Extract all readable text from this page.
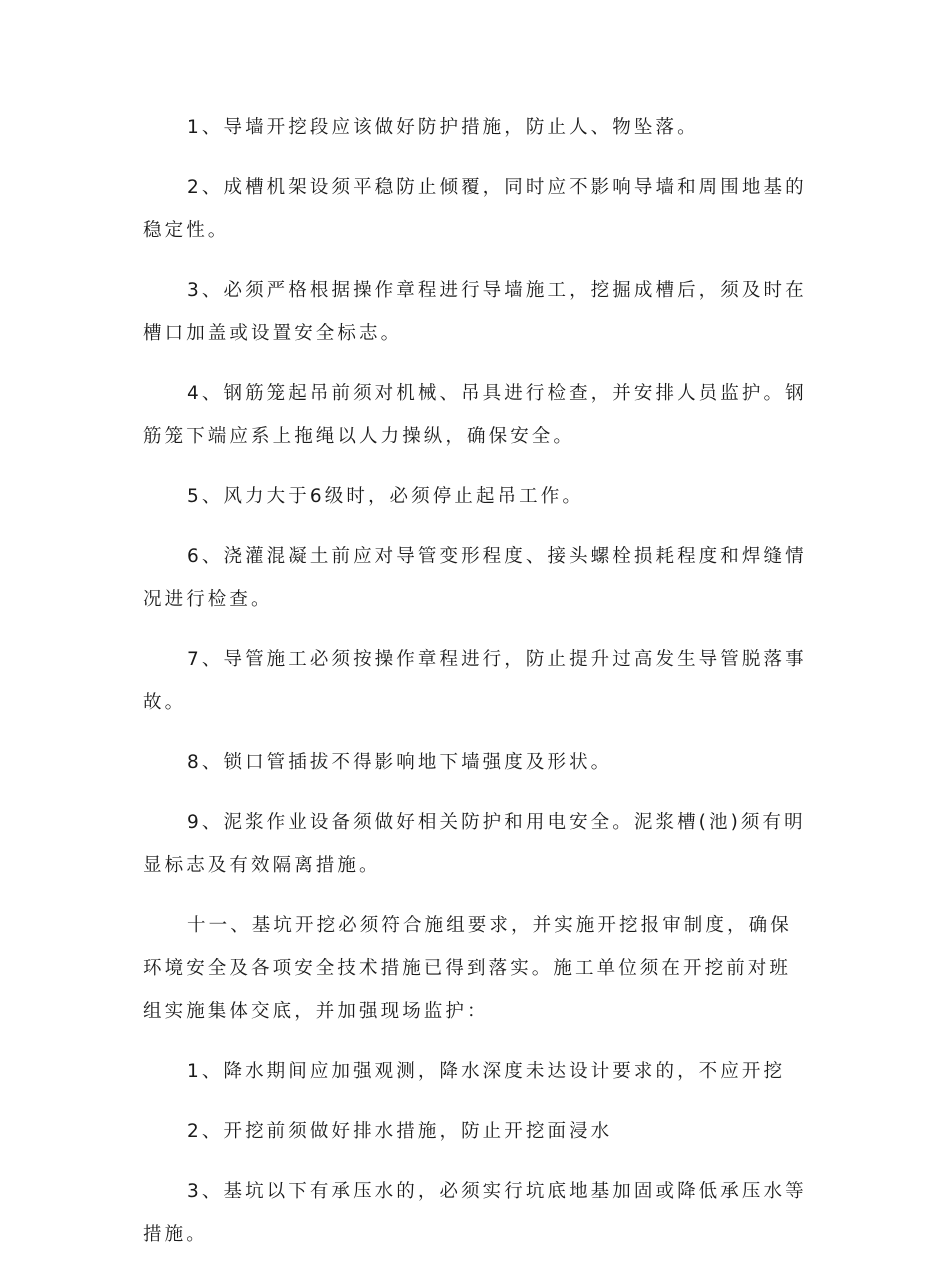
1、导墙开挖段应该做好防护措施，防止人、物坠落。

2、成槽机架设须平稳防止倾覆，同时应不影响导墙和周围地基的稳定性。

3、必须严格根据操作章程进行导墙施工，挖掘成槽后，须及时在槽口加盖或设置安全标志。

4、钢筋笼起吊前须对机械、吊具进行检查，并安排人员监护。钢筋笼下端应系上拖绳以人力操纵，确保安全。

5、风力大于6级时，必须停止起吊工作。

6、浇灌混凝土前应对导管变形程度、接头螺栓损耗程度和焊缝情况进行检查。

7、导管施工必须按操作章程进行，防止提升过高发生导管脱落事故。

8、锁口管插拔不得影响地下墙强度及形状。

9、泥浆作业设备须做好相关防护和用电安全。泥浆槽(池)须有明显标志及有效隔离措施。

十一、基坑开挖必须符合施组要求，并实施开挖报审制度，确保环境安全及各项安全技术措施已得到落实。施工单位须在开挖前对班组实施集体交底，并加强现场监护：

1、降水期间应加强观测，降水深度未达设计要求的，不应开挖

2、开挖前须做好排水措施，防止开挖面浸水

3、基坑以下有承压水的，必须实行坑底地基加固或降低承压水等措施。
